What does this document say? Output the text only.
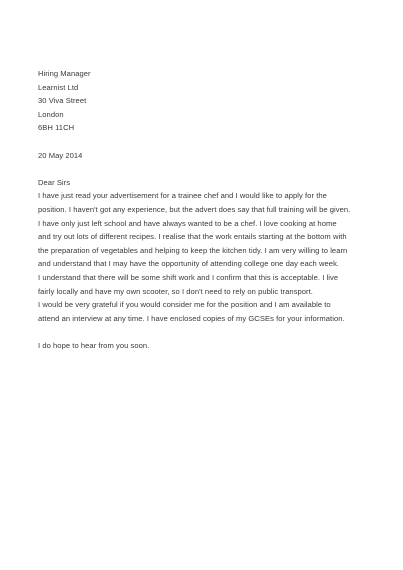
Hiring Manager
Learnist Ltd
30 Viva Street
London
6BH 11CH
20 May 2014
Dear Sirs
I have just read your advertisement for a trainee chef and I would like to apply for the
position. I haven't got any experience, but the advert does say that full training will be given.
I have only just left school and have always wanted to be a chef. I love cooking at home
and try out lots of different recipes. I realise that the work entails starting at the bottom with
the preparation of vegetables and helping to keep the kitchen tidy. I am very willing to learn
and understand that I may have the opportunity of attending college one day each week.
I understand that there will be some shift work and I confirm that this is acceptable. I live
fairly locally and have my own scooter, so I don't need to rely on public transport.
I would be very grateful if you would consider me for the position and I am available to
attend an interview at any time. I have enclosed copies of my GCSEs for your information.
I do hope to hear from you soon.
